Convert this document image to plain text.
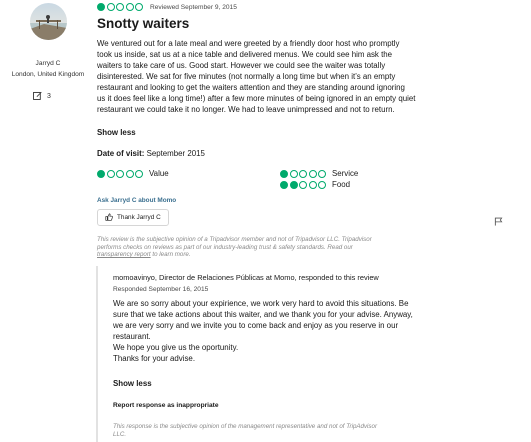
Jarryd C
London, United Kingdom
3
Reviewed September 9, 2015
Snotty waiters
We ventured out for a late meal and were greeted by a friendly door host who promptly
took us inside, sat us at a nice table and delivered menus. We could see him ask the
waiters to take care of us. Good start. However we could see the waiter was totally
disinterested. We sat for five minutes (not normally a long time but when it’s an empty
restaurant and looking to get the waiters attention and they are standing around ignoring
us it does feel like a long time!) after a few more minutes of being ignored in an empty quiet
restaurant we could take it no longer. We had to leave unimpressed and not to return.
Show less
Date of visit: September 2015
Value	Service
Food
Ask Jarryd C about Momo
Thank Jarryd C
This review is the subjective opinion of a Tripadvisor member and not of Tripadvisor LLC. Tripadvisor
performs checks on reviews as part of our industry-leading trust & safety standards. Read our
transparency report to learn more.
momoavinyo, Director de Relaciones Públicas at Momo, responded to this review
Responded September 16, 2015
We are so sorry about your expirience, we work very hard to avoid this situations. Be
sure that we take actions about this waiter, and we thank you for your advise. Anyway,
we are very sorry and we invite you to come back and enjoy as you reserve in our
restaurant.
We hope you give us the oportunity.
Thanks for your advise.
Show less
Report response as inappropriate
This response is the subjective opinion of the management representative and not of TripAdvisor
LLC.
